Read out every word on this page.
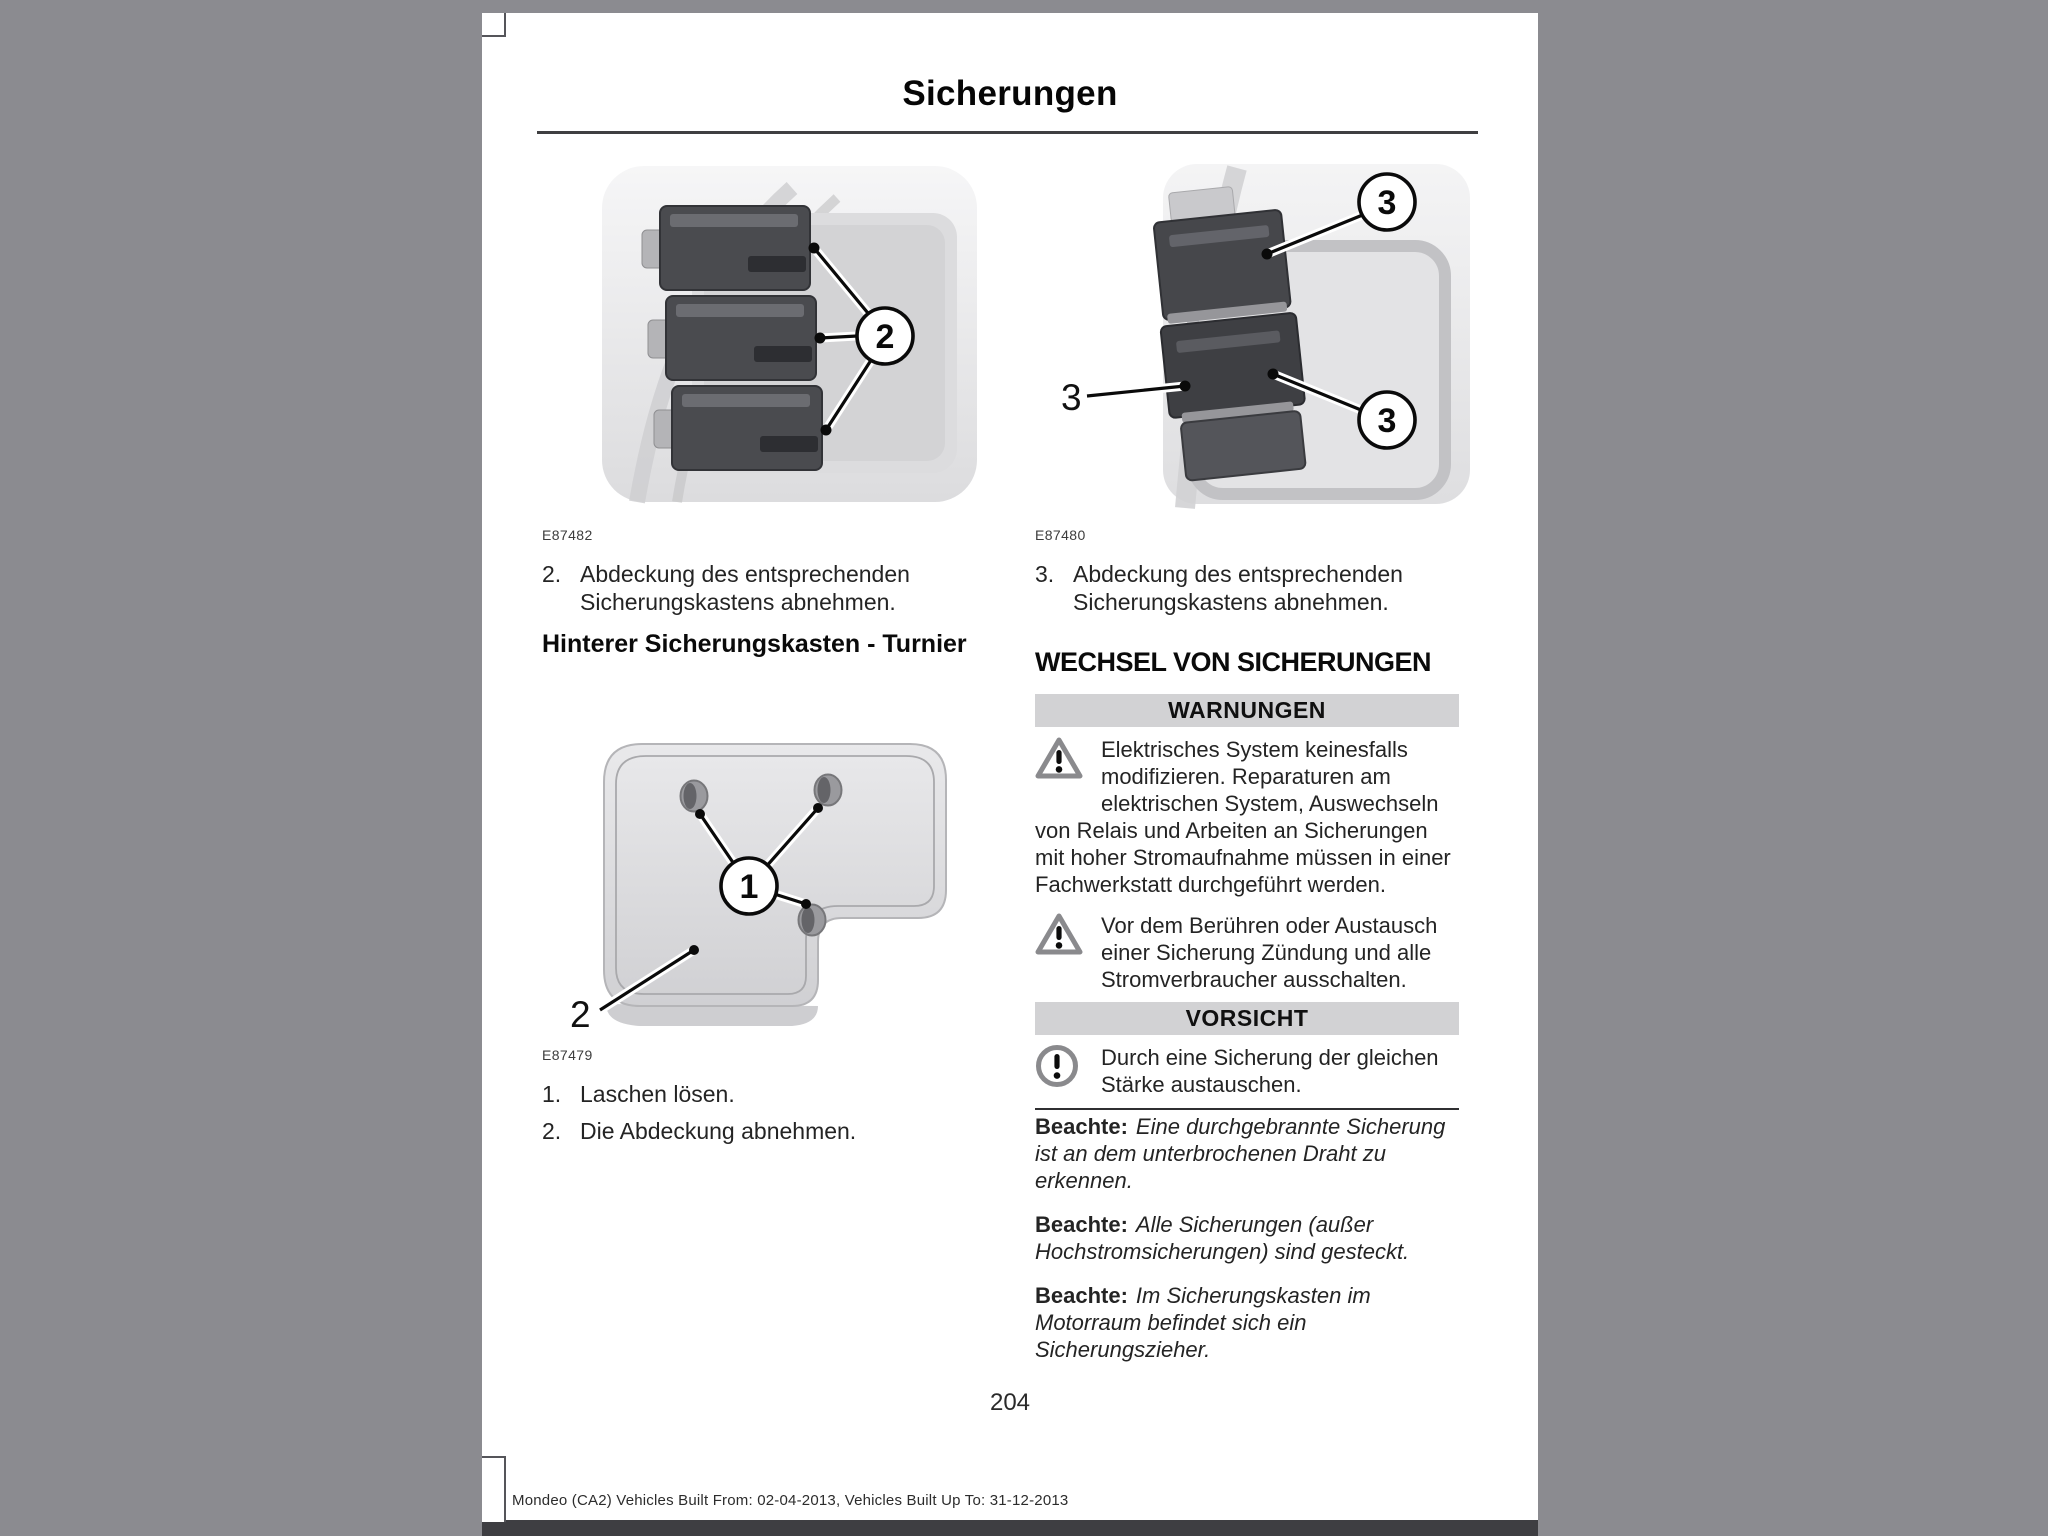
Sicherungen
2
E87482
2. Abdeckung des entsprechenden Sicherungskastens abnehmen.
Hinterer Sicherungskasten - Turnier
1
2
E87479
1. Laschen lösen.
2. Die Abdeckung abnehmen.
3
3
3
E87480
3. Abdeckung des entsprechenden Sicherungskastens abnehmen.
WECHSEL VON SICHERUNGEN
WARNUNGEN
Elektrisches System keinesfalls modifizieren. Reparaturen am elektrischen System, Auswechseln von Relais und Arbeiten an Sicherungen mit hoher Stromaufnahme müssen in einer Fachwerkstatt durchgeführt werden.
Vor dem Berühren oder Austausch einer Sicherung Zündung und alle Stromverbraucher ausschalten.
VORSICHT
Durch eine Sicherung der gleichen Stärke austauschen.
Beachte: Eine durchgebrannte Sicherung ist an dem unterbrochenen Draht zu erkennen.
Beachte: Alle Sicherungen (außer Hochstromsicherungen) sind gesteckt.
Beachte: Im Sicherungskasten im Motorraum befindet sich ein Sicherungszieher.
204
Mondeo (CA2) Vehicles Built From: 02-04-2013, Vehicles Built Up To: 31-12-2013
